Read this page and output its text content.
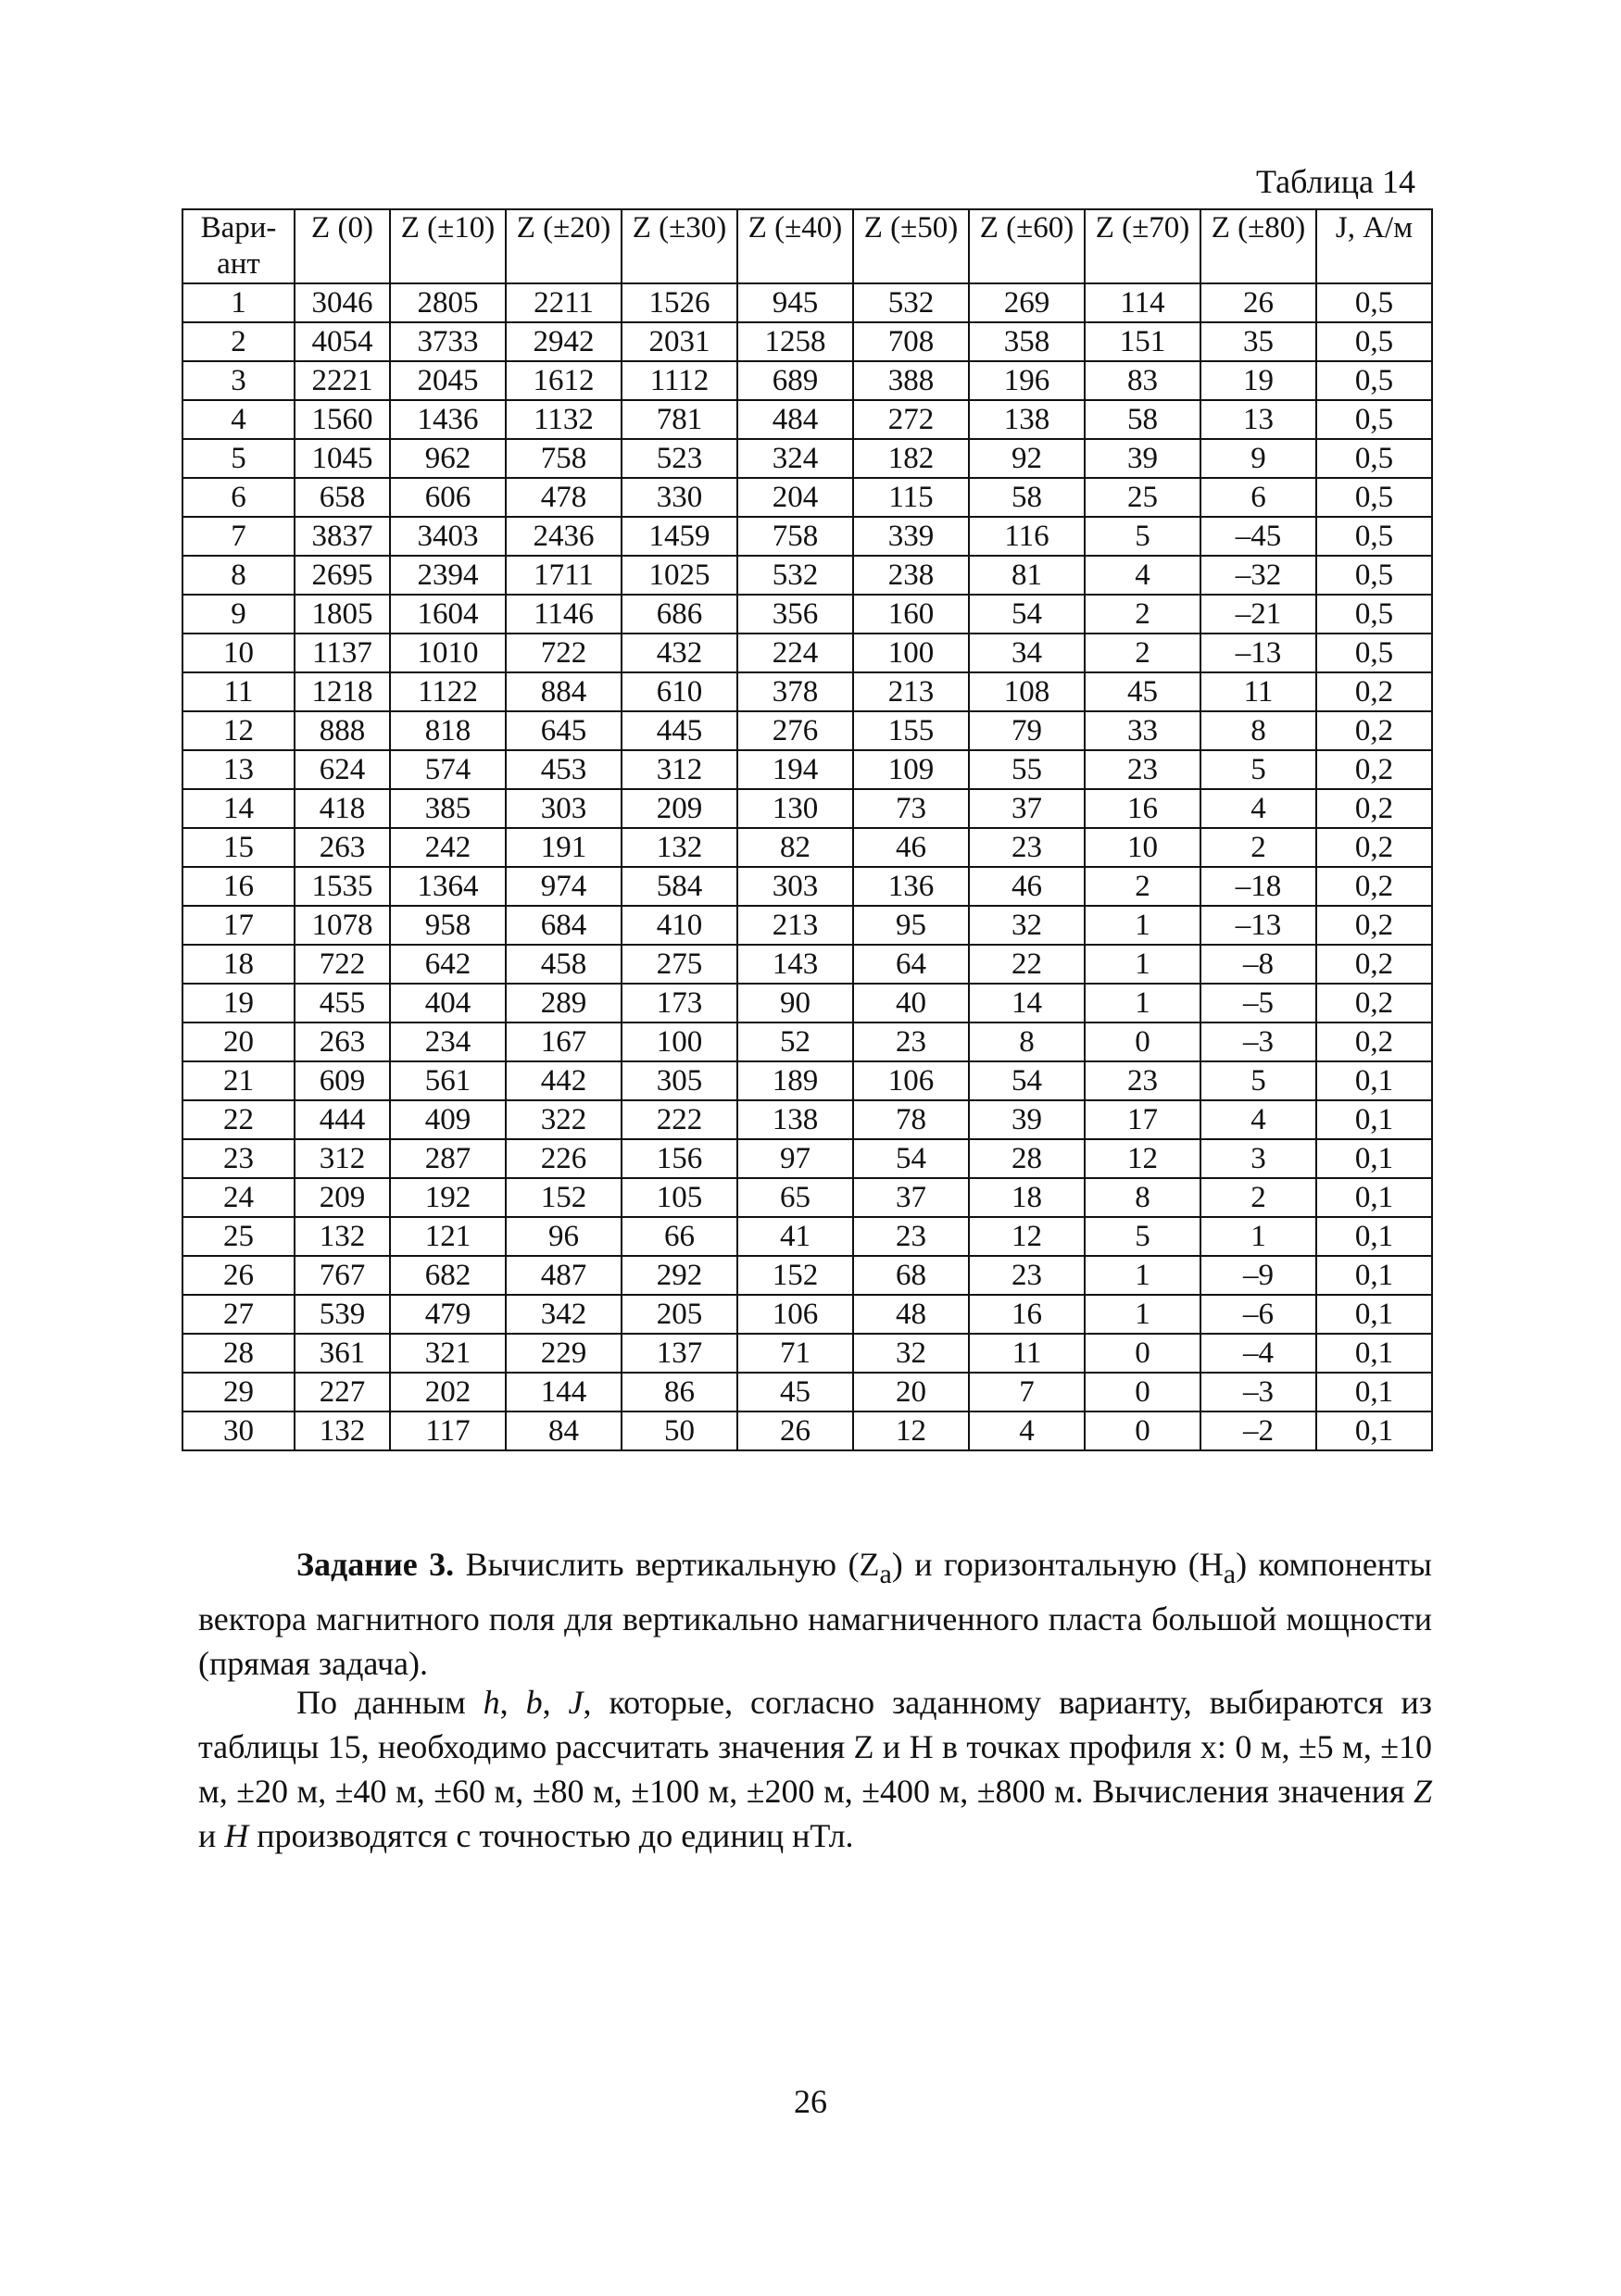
Таблица 14
Вари-
ант	Z (0)	Z (±10)	Z (±20)	Z (±30)	Z (±40)	Z (±50)	Z (±60)	Z (±70)	Z (±80)	J, А/м

1	3046	2805	2211	1526	945	532	269	114	26	0,5
2	4054	3733	2942	2031	1258	708	358	151	35	0,5
3	2221	2045	1612	1112	689	388	196	83	19	0,5
4	1560	1436	1132	781	484	272	138	58	13	0,5
5	1045	962	758	523	324	182	92	39	9	0,5
6	658	606	478	330	204	115	58	25	6	0,5
7	3837	3403	2436	1459	758	339	116	5	–45	0,5
8	2695	2394	1711	1025	532	238	81	4	–32	0,5
9	1805	1604	1146	686	356	160	54	2	–21	0,5
10	1137	1010	722	432	224	100	34	2	–13	0,5
11	1218	1122	884	610	378	213	108	45	11	0,2
12	888	818	645	445	276	155	79	33	8	0,2
13	624	574	453	312	194	109	55	23	5	0,2
14	418	385	303	209	130	73	37	16	4	0,2
15	263	242	191	132	82	46	23	10	2	0,2
16	1535	1364	974	584	303	136	46	2	–18	0,2
17	1078	958	684	410	213	95	32	1	–13	0,2
18	722	642	458	275	143	64	22	1	–8	0,2
19	455	404	289	173	90	40	14	1	–5	0,2
20	263	234	167	100	52	23	8	0	–3	0,2
21	609	561	442	305	189	106	54	23	5	0,1
22	444	409	322	222	138	78	39	17	4	0,1
23	312	287	226	156	97	54	28	12	3	0,1
24	209	192	152	105	65	37	18	8	2	0,1
25	132	121	96	66	41	23	12	5	1	0,1
26	767	682	487	292	152	68	23	1	–9	0,1
27	539	479	342	205	106	48	16	1	–6	0,1
28	361	321	229	137	71	32	11	0	–4	0,1
29	227	202	144	86	45	20	7	0	–3	0,1
30	132	117	84	50	26	12	4	0	–2	0,1
Задание 3. Вычислить вертикальную $(Z_a)$ и горизонтальную $(H_a)$ компоненты вектора магнитного поля для вертикально намагниченного пласта большой мощности (прямая задача).
По данным h, b, J, которые, согласно заданному варианту, выбираются из таблицы 15, необходимо рассчитать значения Z и H в точках профиля x: 0 м, ±5 м, ±10 м, ±20 м, ±40 м, ±60 м, ±80 м, ±100 м, ±200 м, ±400 м, ±800 м. Вычисления значения Z и H производятся с точностью до единиц нТл.
26
